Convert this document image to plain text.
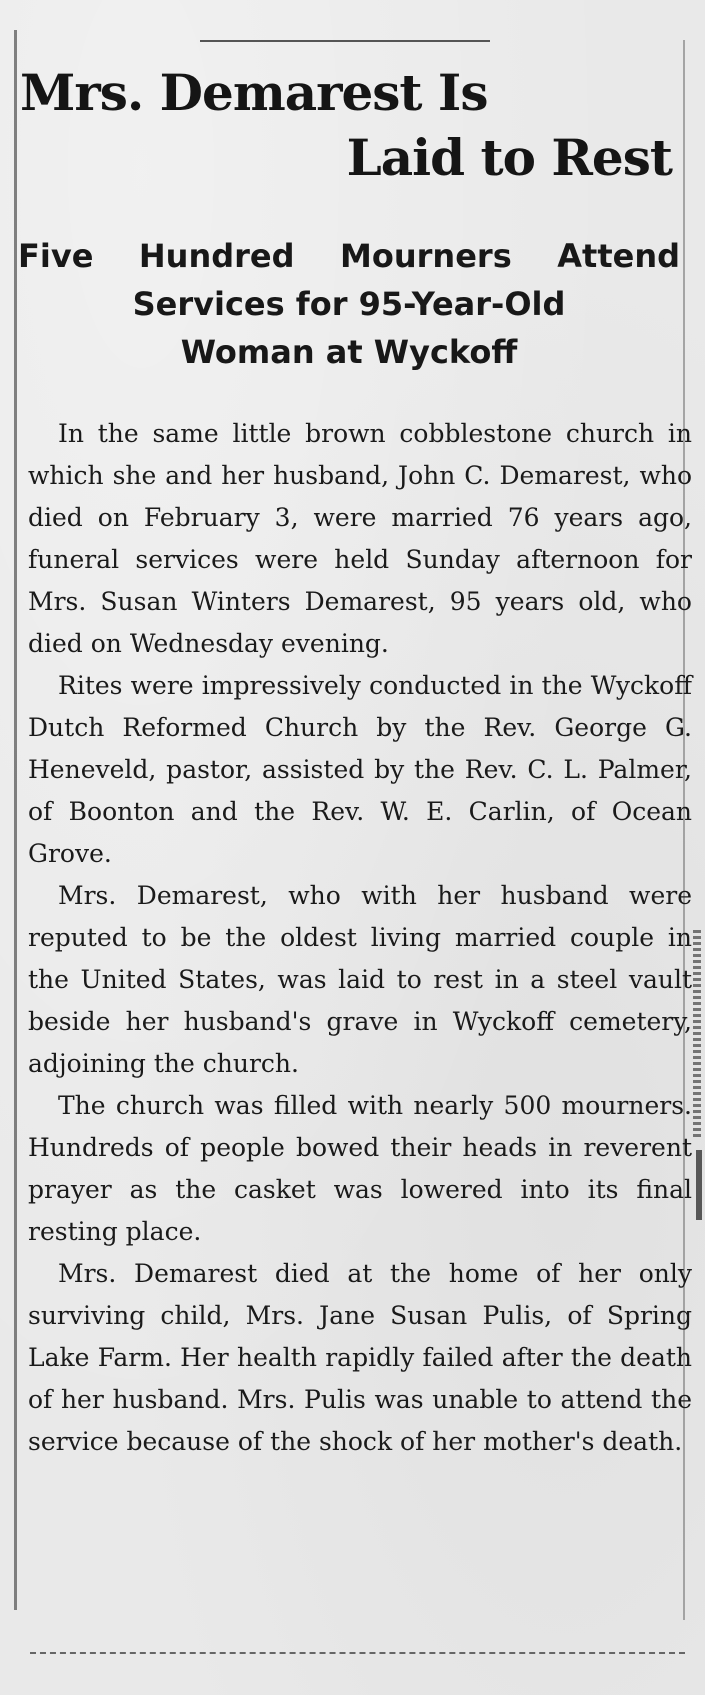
Mrs. Demarest Is
Laid to Rest
Five Hundred Mourners Attend
Services for 95-Year-Old
Woman at Wyckoff

In the same little brown cobblestone church in which she and her husband, John C. Demarest, who died on February 3, were married 76 years ago, funeral services were held Sunday afternoon for Mrs. Susan Winters Demarest, 95 years old, who died on Wednesday evening.

Rites were impressively conducted in the Wyckoff Dutch Reformed Church by the Rev. George G. Heneveld, pastor, assisted by the Rev. C. L. Palmer, of Boonton and the Rev. W. E. Carlin, of Ocean Grove.

Mrs. Demarest, who with her husband were reputed to be the oldest living married couple in the United States, was laid to rest in a steel vault beside her husband's grave in Wyckoff cemetery, adjoining the church.

The church was filled with nearly 500 mourners. Hundreds of people bowed their heads in reverent prayer as the casket was lowered into its final resting place.

Mrs. Demarest died at the home of her only surviving child, Mrs. Jane Susan Pulis, of Spring Lake Farm. Her health rapidly failed after the death of her husband. Mrs. Pulis was unable to attend the service because of the shock of her mother's death.
